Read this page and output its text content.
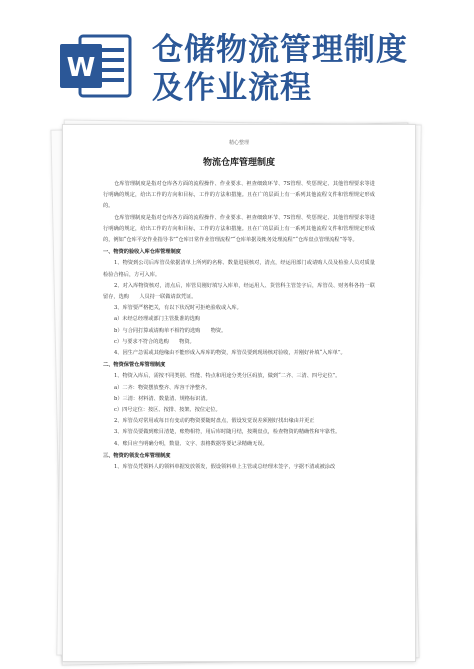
W 仓储物流管理制度
及作业流程
精心整理
物流仓库管理制度
仓库管理制度是指对仓库各方面的流程操作、作业要求、袒查细致环节、7S管理、奖惩规定、其他管理要求等进行明确的规定，给出工作的方向和目标，工作的方法和措施。且在广的层面上有一系列其他流程文件和管理规定形成的。
仓库管理制度是指对仓库各方面的流程操作、作业要求、袒查细致环节、7S管理、奖惩规定、其他管理要求等进行明确的规定，给出工作的方向和目标，工作的方法和措施。且在广的层面上有一系列其他流程文件和管理规定形成的，例如“仓库平安作业指导书”“仓库日常作业管理流程”“仓库单据及帐务处理流程”“仓库盘点管理流程”等等。
一、物资的验收入库仓库管理制度
1、物资到公司后库管员依据清单上所列的名称、数量进展核对，清点，经运用部门或请购人员及检验人员对质量检验合格后，方可入库。
2、对入库物资核对，清点后，库管员刚好填写入库单，经运用人、货管科主管签字后，库管员、财务科各持一联留存，选购　　人员持一联做请款凭证。
3、库管要严格把关，有以下状况时可拒绝验收或入库。
a）未经总经理或部门主管批准的选购
b）与合同打算或请购单不相符的选购　　物资。
c）与要求不符合的选购　　物资。
4、因生产急需或其他缘由不能形成入库库的物资，库管员要到现场核对验收，并刚好补填“入库单”。
二、物资保管仓库管理制度
1、物资入库后，需按不同类别、性能、特点和用途分类分区码放，做到“二齐、三清、四号定位”。
a）二齐：物资摆放整齐、库容干净整齐。
b）三清：材料清、数量清、规格标识清。
c）四号定位：按区、按排、按架、按位定位。
2、库管员对常用或每日有变动的物资要随时盘点，假设发觉误差须刚好找出缘由并更正
3、库管员要做到账目清楚，账物相符，用后库时随月结，按期盘点，检查物资的精确性和牢靠性。
4、账目应当明确分明，数量、文字、表格数据等要记录精确无误。
三、物资的领发仓库管理制度
1、库管员凭领料人的领料单据发放领发，假设领料单上主管或总经理未签字，字据不清或被涂改
